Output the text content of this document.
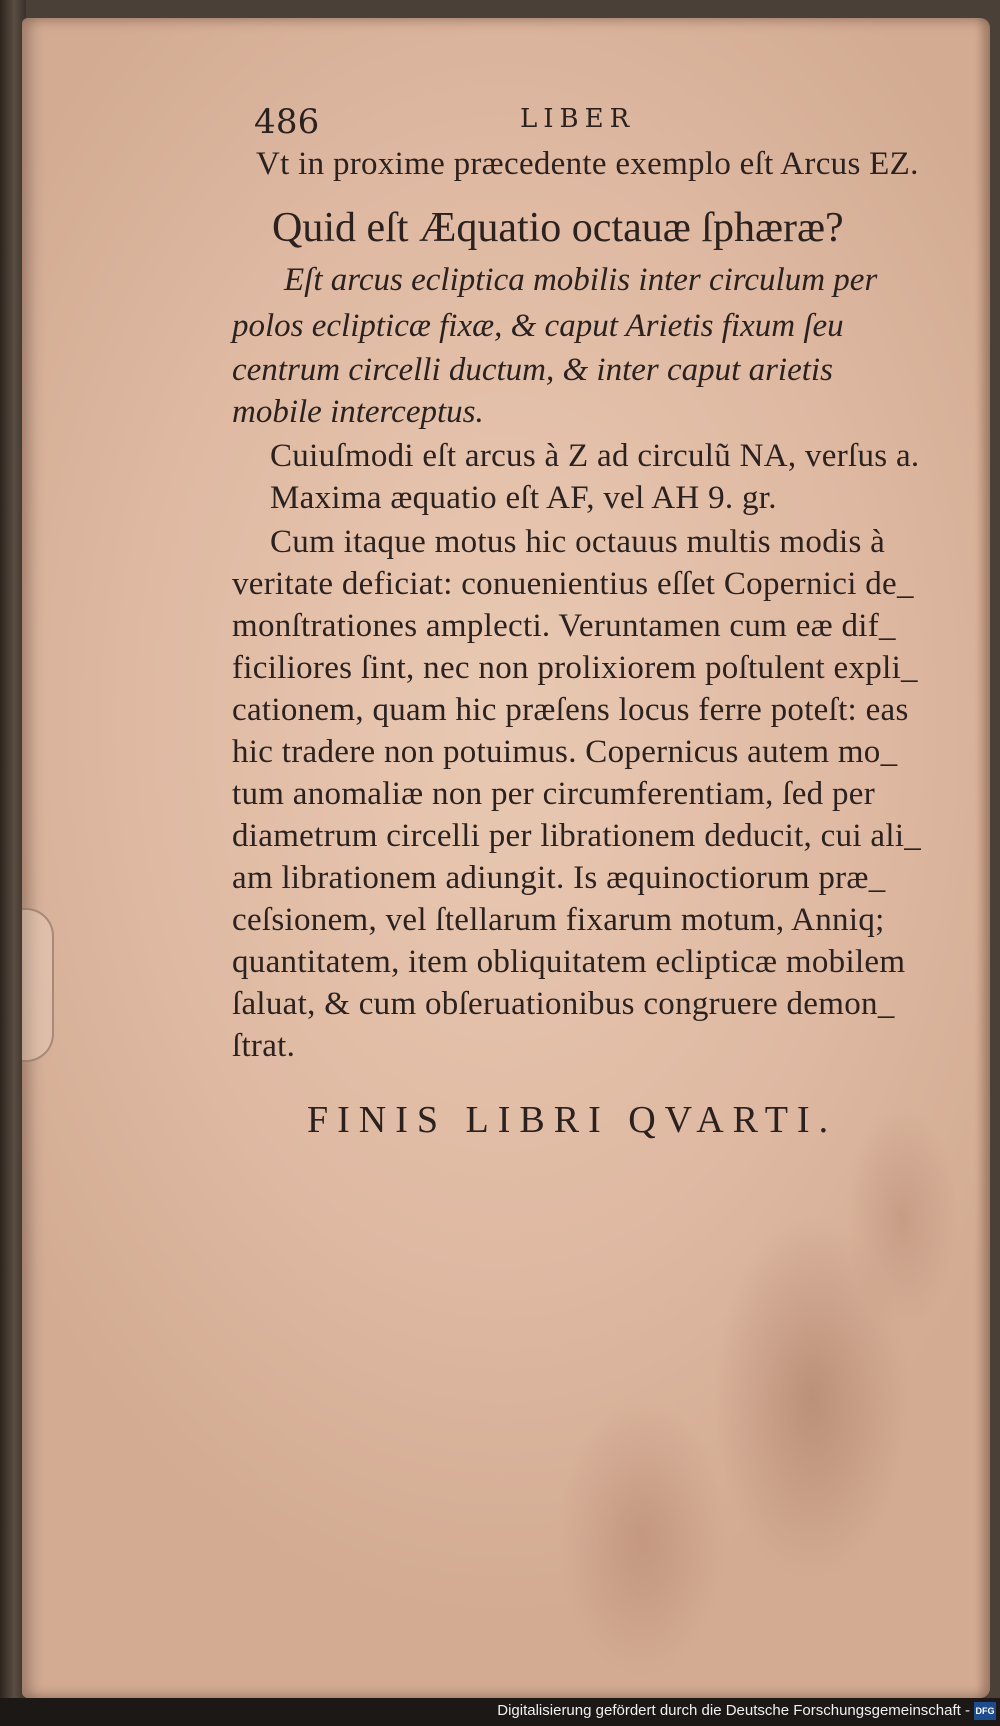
486	LIBER
Vt in proxime præcedente exemplo eſt Arcus EZ.
Quid eſt Æquatio octauæ ſphæræ?
Eſt arcus ecliptica mobilis inter circulum per
polos eclipticæ fixæ, & caput Arietis fixum ſeu
centrum circelli ductum, & inter caput arietis
mobile interceptus.
Cuiuſmodi eſt arcus à Z ad circulũ NA, verſus a.
Maxima æquatio eſt AF, vel AH 9. gr.
Cum itaque motus hic octauus multis modis à
veritate deficiat: conuenientius eſſet Copernici de_
monſtrationes amplecti. Veruntamen cum eæ dif_
ficiliores ſint, nec non prolixiorem poſtulent expli_
cationem, quam hic præſens locus ferre poteſt: eas
hic tradere non potuimus. Copernicus autem mo_
tum anomaliæ non per circumferentiam, ſed per
diametrum circelli per librationem deducit, cui ali_
am librationem adiungit. Is æquinoctiorum præ_
ceſsionem, vel ſtellarum fixarum motum, Anniq;
quantitatem, item obliquitatem eclipticæ mobilem
ſaluat, & cum obſeruationibus congruere demon_
ſtrat.
FINIS LIBRI QVARTI.
Digitalisierung gefördert durch die Deutsche Forschungsgemeinschaft - DFG
